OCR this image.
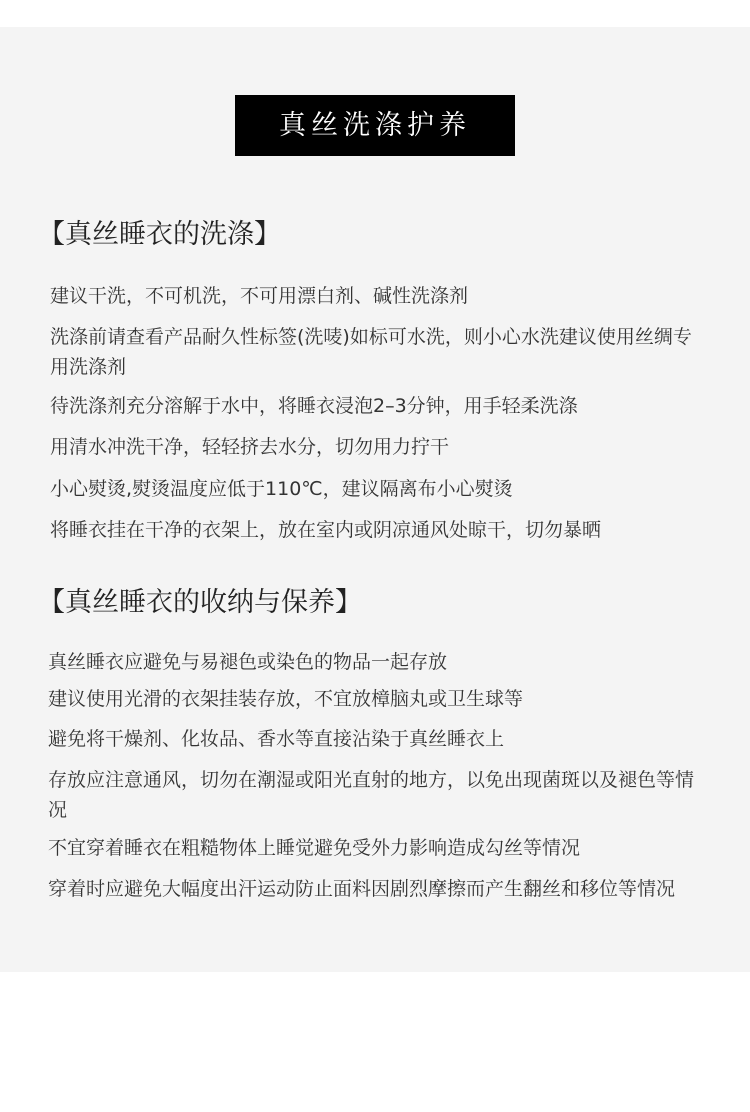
真丝洗涤护养
【真丝睡衣的洗涤】
建议干洗，不可机洗，不可用漂白剂、碱性洗涤剂
洗涤前请查看产品耐久性标签(洗唛)如标可水洗，则小心水洗建议使用丝绸专用洗涤剂
待洗涤剂充分溶解于水中，将睡衣浸泡2–3分钟，用手轻柔洗涤
用清水冲洗干净，轻轻挤去水分，切勿用力拧干
小心熨烫,熨烫温度应低于110℃，建议隔离布小心熨烫
将睡衣挂在干净的衣架上，放在室内或阴凉通风处晾干，切勿暴晒
【真丝睡衣的收纳与保养】
真丝睡衣应避免与易褪色或染色的物品一起存放
建议使用光滑的衣架挂装存放，不宜放樟脑丸或卫生球等
避免将干燥剂、化妆品、香水等直接沾染于真丝睡衣上
存放应注意通风，切勿在潮湿或阳光直射的地方，以免出现菌斑以及褪色等情况
不宜穿着睡衣在粗糙物体上睡觉避免受外力影响造成勾丝等情况
穿着时应避免大幅度出汗运动防止面料因剧烈摩擦而产生翻丝和移位等情况
